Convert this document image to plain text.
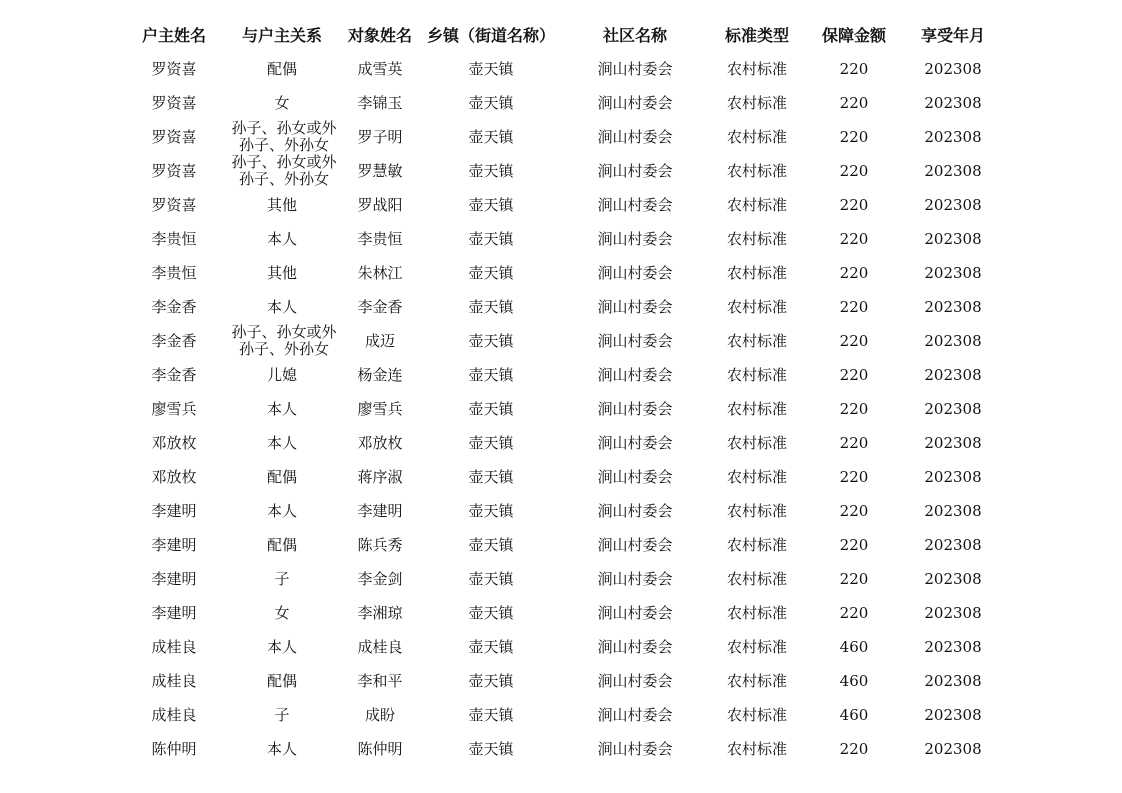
户主姓名	与户主关系	对象姓名	乡镇（街道名称）	社区名称	标准类型	保障金额	享受年月
罗资喜	配偶	成雪英	壶天镇	涧山村委会	农村标准	220	202308
罗资喜	女	李锦玉	壶天镇	涧山村委会	农村标准	220	202308
罗资喜	孙子、孙女或外孙子、外孙女	罗子明	壶天镇	涧山村委会	农村标准	220	202308
罗资喜	孙子、孙女或外孙子、外孙女	罗慧敏	壶天镇	涧山村委会	农村标准	220	202308
罗资喜	其他	罗战阳	壶天镇	涧山村委会	农村标准	220	202308
李贵恒	本人	李贵恒	壶天镇	涧山村委会	农村标准	220	202308
李贵恒	其他	朱林江	壶天镇	涧山村委会	农村标准	220	202308
李金香	本人	李金香	壶天镇	涧山村委会	农村标准	220	202308
李金香	孙子、孙女或外孙子、外孙女	成迈	壶天镇	涧山村委会	农村标准	220	202308
李金香	儿媳	杨金连	壶天镇	涧山村委会	农村标准	220	202308
廖雪兵	本人	廖雪兵	壶天镇	涧山村委会	农村标准	220	202308
邓放枚	本人	邓放枚	壶天镇	涧山村委会	农村标准	220	202308
邓放枚	配偶	蒋序淑	壶天镇	涧山村委会	农村标准	220	202308
李建明	本人	李建明	壶天镇	涧山村委会	农村标准	220	202308
李建明	配偶	陈兵秀	壶天镇	涧山村委会	农村标准	220	202308
李建明	子	李金剑	壶天镇	涧山村委会	农村标准	220	202308
李建明	女	李湘琼	壶天镇	涧山村委会	农村标准	220	202308
成桂良	本人	成桂良	壶天镇	涧山村委会	农村标准	460	202308
成桂良	配偶	李和平	壶天镇	涧山村委会	农村标准	460	202308
成桂良	子	成盼	壶天镇	涧山村委会	农村标准	460	202308
陈仲明	本人	陈仲明	壶天镇	涧山村委会	农村标准	220	202308
